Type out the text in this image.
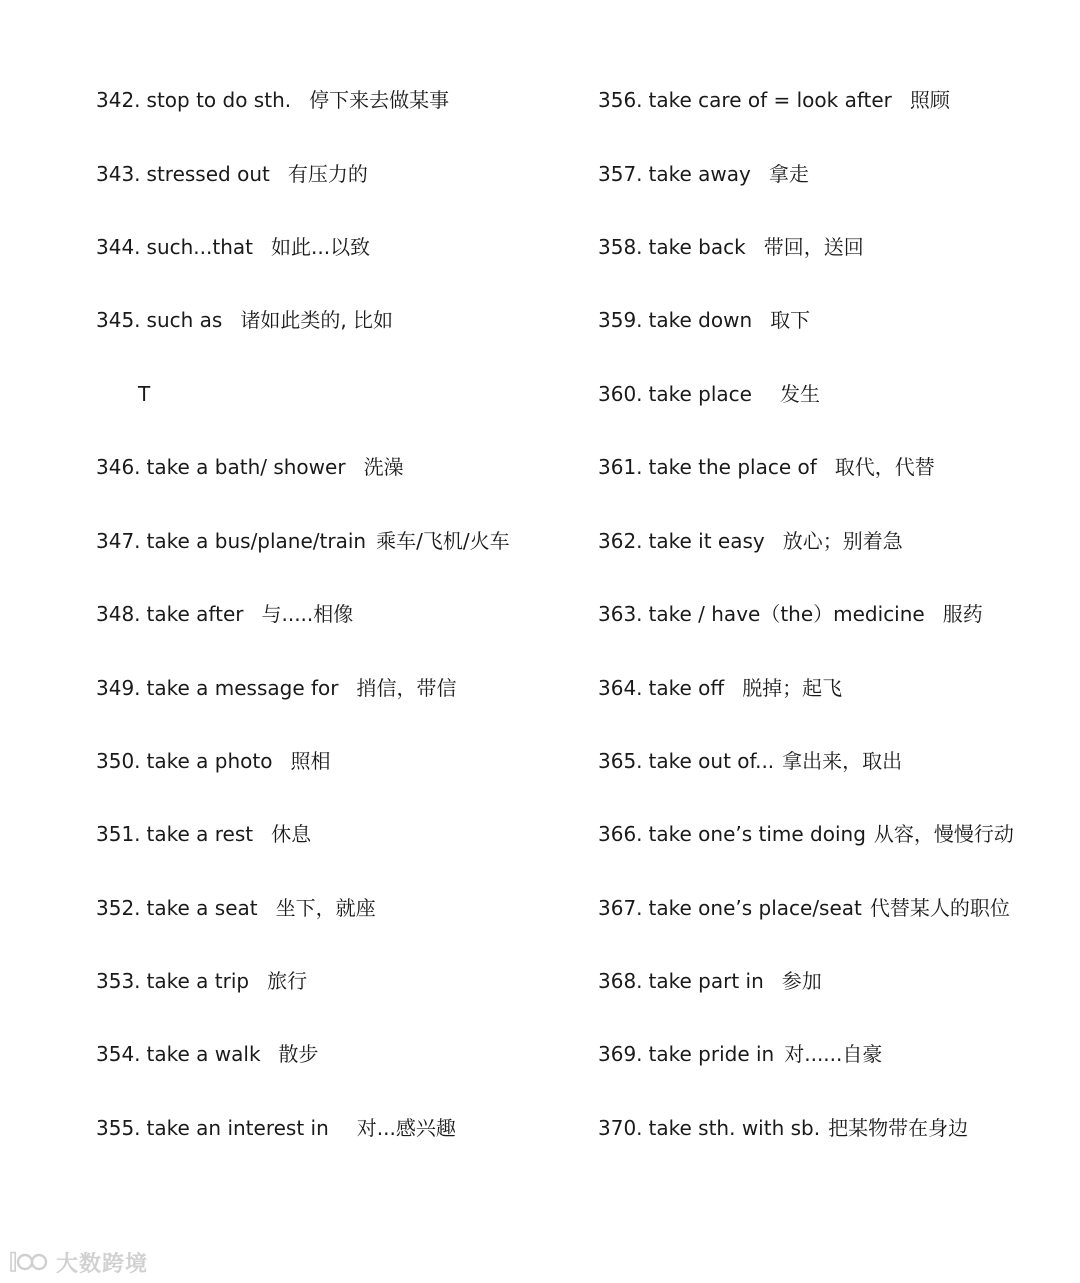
342. stop to do sth. 停下来去做某事
343. stressed out 有压力的
344. such...that 如此...以致
345. such as 诸如此类的, 比如
T
346. take a bath/ shower 洗澡
347. take a bus/plane/train 乘车/飞机/火车
348. take after 与.....相像
349. take a message for 捎信，带信
350. take a photo 照相
351. take a rest 休息
352. take a seat 坐下，就座
353. take a trip 旅行
354. take a walk 散步
355. take an interest in 对...感兴趣
356. take care of = look after 照顾
357. take away 拿走
358. take back 带回，送回
359. take down 取下
360. take place 发生
361. take the place of 取代，代替
362. take it easy 放心；别着急
363. take / have（the）medicine 服药
364. take off 脱掉；起飞
365. take out of... 拿出来，取出
366. take one’s time doing 从容，慢慢行动
367. take one’s place/seat 代替某人的职位
368. take part in 参加
369. take pride in 对......自豪
370. take sth. with sb. 把某物带在身边
l 大数跨境
